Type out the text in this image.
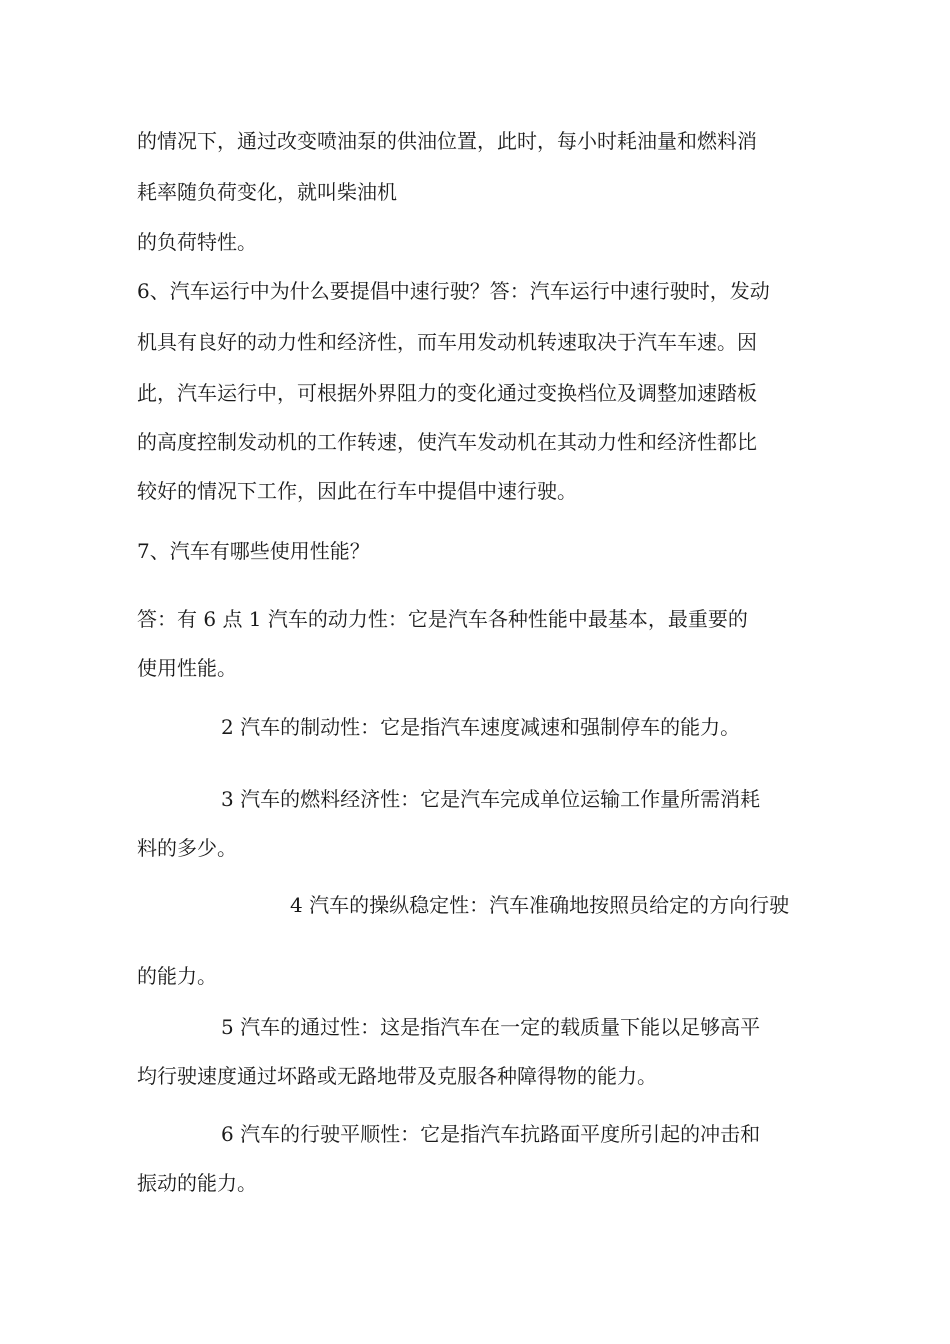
的情况下，通过改变喷油泵的供油位置，此时，每小时耗油量和燃料消
耗率随负荷变化，就叫柴油机
的负荷特性。
6、汽车运行中为什么要提倡中速行驶？答：汽车运行中速行驶时，发动
机具有良好的动力性和经济性，而车用发动机转速取决于汽车车速。因
此，汽车运行中，可根据外界阻力的变化通过变换档位及调整加速踏板
的高度控制发动机的工作转速，使汽车发动机在其动力性和经济性都比
较好的情况下工作，因此在行车中提倡中速行驶。
7、汽车有哪些使用性能？
答：有 6 点 1 汽车的动力性：它是汽车各种性能中最基本，最重要的
使用性能。
2 汽车的制动性：它是指汽车速度减速和强制停车的能力。
3 汽车的燃料经济性：它是汽车完成单位运输工作量所需消耗
料的多少。
4 汽车的操纵稳定性：汽车准确地按照员给定的方向行驶
的能力。
5 汽车的通过性：这是指汽车在一定的载质量下能以足够高平
均行驶速度通过坏路或无路地带及克服各种障得物的能力。
6 汽车的行驶平顺性：它是指汽车抗路面平度所引起的冲击和
振动的能力。
